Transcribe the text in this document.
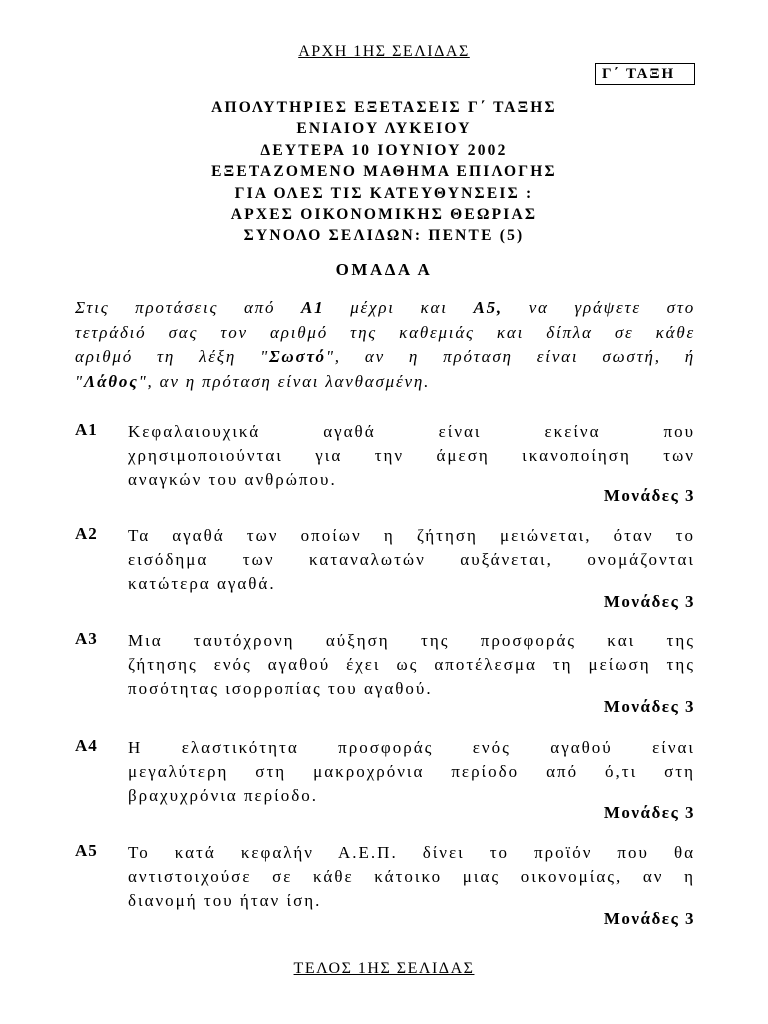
ΑΡΧΗ 1ΗΣ ΣΕΛΙΔΑΣ
Γ΄ ΤΑΞΗ
ΑΠΟΛΥΤΗΡΙΕΣ ΕΞΕΤΑΣΕΙΣ Γ΄ ΤΑΞΗΣ
ΕΝΙΑΙΟΥ ΛΥΚΕΙΟΥ
ΔΕΥΤΕΡΑ 10 ΙΟΥΝΙΟΥ 2002
ΕΞΕΤΑΖΟΜΕΝΟ ΜΑΘΗΜΑ ΕΠΙΛΟΓΗΣ
ΓΙΑ ΟΛΕΣ ΤΙΣ ΚΑΤΕΥΘΥΝΣΕΙΣ :
ΑΡΧΕΣ ΟΙΚΟΝΟΜΙΚΗΣ ΘΕΩΡΙΑΣ
ΣΥΝΟΛΟ ΣΕΛΙΔΩΝ: ΠΕΝΤΕ (5)
ΟΜΑΔΑ Α
Στις προτάσεις από Α1 μέχρι και Α5, να γράψετε στο
τετράδιό σας τον αριθμό της καθεμιάς και δίπλα σε κάθε
αριθμό τη λέξη "Σωστό", αν η πρόταση είναι σωστή, ή
"Λάθος", αν η πρόταση είναι λανθασμένη.
Α1 Κεφαλαιουχικά αγαθά είναι εκείνα που
χρησιμοποιούνται για την άμεση ικανοποίηση των
αναγκών του ανθρώπου.
Μονάδες 3
Α2 Τα αγαθά των οποίων η ζήτηση μειώνεται, όταν το
εισόδημα των καταναλωτών αυξάνεται, ονομάζονται
κατώτερα αγαθά.
Μονάδες 3
Α3 Μια ταυτόχρονη αύξηση της προσφοράς και της
ζήτησης ενός αγαθού έχει ως αποτέλεσμα τη μείωση της
ποσότητας ισορροπίας του αγαθού.
Μονάδες 3
Α4 Η ελαστικότητα προσφοράς ενός αγαθού είναι
μεγαλύτερη στη μακροχρόνια περίοδο από ό,τι στη
βραχυχρόνια περίοδο.
Μονάδες 3
Α5 Το κατά κεφαλήν Α.Ε.Π. δίνει το προϊόν που θα
αντιστοιχούσε σε κάθε κάτοικο μιας οικονομίας, αν η
διανομή του ήταν ίση.
Μονάδες 3
ΤΕΛΟΣ 1ΗΣ ΣΕΛΙΔΑΣ
